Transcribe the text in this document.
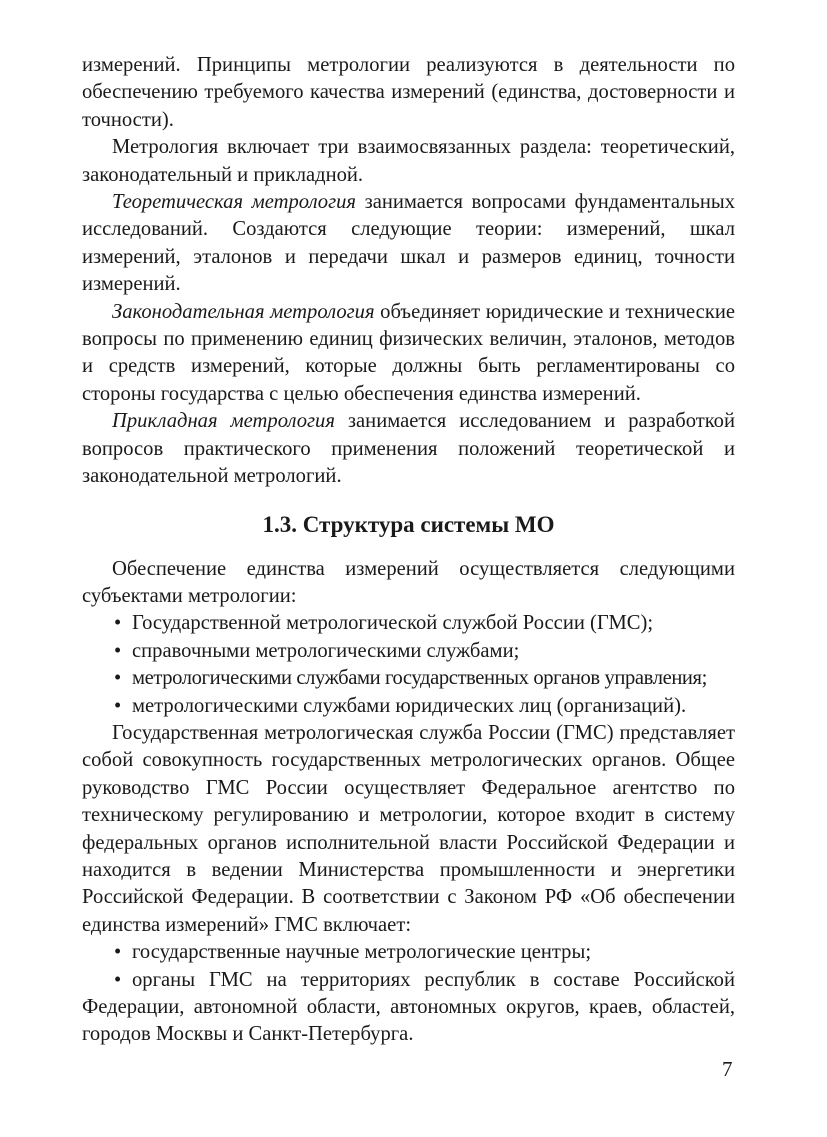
измерений. Принципы метрологии реализуются в деятельности по обеспечению требуемого качества измерений (единства, достоверности и точности).

Метрология включает три взаимосвязанных раздела: теоретический, законодательный и прикладной.

Теоретическая метрология занимается вопросами фундаментальных исследований. Создаются следующие теории: измерений, шкал измерений, эталонов и передачи шкал и размеров единиц, точности измерений.

Законодательная метрология объединяет юридические и технические вопросы по применению единиц физических величин, эталонов, методов и средств измерений, которые должны быть регламентированы со стороны государства с целью обеспечения единства измерений.

Прикладная метрология занимается исследованием и разработкой вопросов практического применения положений теоретической и законодательной метрологий.

1.3. Структура системы МО

Обеспечение единства измерений осуществляется следующими субъектами метрологии:

• Государственной метрологической службой России (ГМС);
• справочными метрологическими службами;
• метрологическими службами государственных органов управления;
• метрологическими службами юридических лиц (организаций).

Государственная метрологическая служба России (ГМС) представляет собой совокупность государственных метрологических органов. Общее руководство ГМС России осуществляет Федеральное агентство по техническому регулированию и метрологии, которое входит в систему федеральных органов исполнительной власти Российской Федерации и находится в ведении Министерства промышленности и энергетики Российской Федерации. В соответствии с Законом РФ «Об обеспечении единства измерений» ГМС включает:

• государственные научные метрологические центры;
• органы ГМС на территориях республик в составе Российской Федерации, автономной области, автономных округов, краев, областей, городов Москвы и Санкт-Петербурга.
7
